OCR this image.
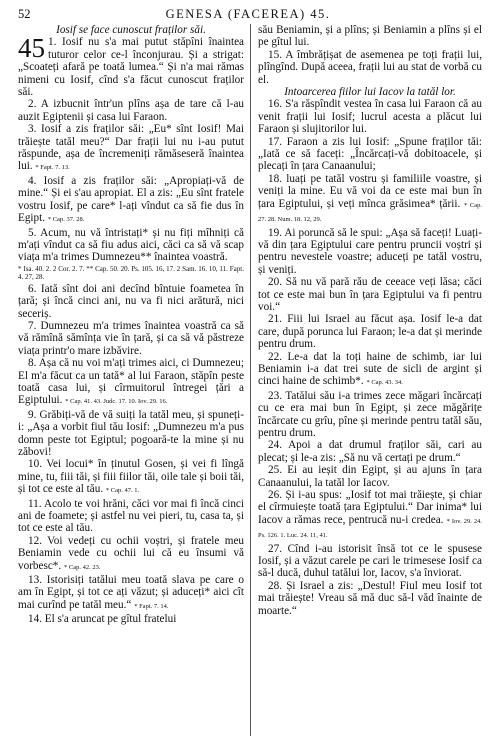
52	GENESA (FACEREA) 45.

Iosif se face cunoscut fraților săi.

45 1. Iosif nu s'a mai putut stăpîni înaintea tuturor celor ce-l înconjurau. Și a strigat: „Scoateți afară pe toată lumea.“ Și n'a mai rămas nimeni cu Iosif, cînd s'a făcut cunoscut fraților săi.

2. A izbucnit într'un plîns așa de tare că l-au auzit Egiptenii și casa lui Faraon.

3. Iosif a zis fraților săi: „Eu* sînt Iosif! Mai trăiește tatăl meu?“ Dar frații lui nu i-au putut răspunde, așa de încremeniți rămăseseră înaintea lui. * Fapt. 7. 13.

4. Iosif a zis fraților săi: „Apropiați-vă de mine.“ Și ei s'au apropiat. El a zis: „Eu sînt fratele vostru Iosif, pe care* l-ați vîndut ca să fie dus în Egipt. * Cap. 37. 28.

5. Acum, nu vă întristați* și nu fiți mîhniți că m'ați vîndut ca să fiu adus aici, căci ca să vă scap viața m'a trimes Dumnezeu** înaintea voastră.

* Isa. 40. 2. 2 Cor. 2. 7. ** Cap. 50. 20. Ps. 105. 16, 17. 2 Sam. 16. 10, 11. Fapt. 4. 27, 28.

6. Iată sînt doi ani decînd bîntuie foametea în țară; și încă cinci ani, nu va fi nici arătură, nici seceriș.

7. Dumnezeu m'a trimes înaintea voastră ca să vă rămînă sămînța vie în țară, și ca să vă păstreze viața printr'o mare izbăvire.

8. Așa că nu voi m'ați trimes aici, ci Dumnezeu; El m'a făcut ca un tată* al lui Faraon, stăpîn peste toată casa lui, și cîrmuitorul întregei țări a Egiptului. * Cap. 41. 43. Judc. 17. 10. Iov. 29. 16.

9. Grăbiți-vă de vă suiți la tatăl meu, și spuneți-i: „Așa a vorbit fiul tău Iosif: „Dumnezeu m'a pus domn peste tot Egiptul; pogoară-te la mine și nu zăbovi!

10. Vei locui* în ținutul Gosen, și vei fi lîngă mine, tu, fiii tăi, și fiii fiilor tăi, oile tale și boii tăi, și tot ce este al tău. * Cap. 47. 1.

11. Acolo te voi hrăni, căci vor mai fi încă cinci ani de foamete; și astfel nu vei pieri, tu, casa ta, și tot ce este al tău.

12. Voi vedeți cu ochii voștri, și fratele meu Beniamin vede cu ochii lui că eu însumi vă vorbesc*. * Cap. 42. 23.

13. Istorisiți tatălui meu toată slava pe care o am în Egipt, și tot ce ați văzut; și aduceți* aici cît mai curînd pe tatăl meu.“ * Fapt. 7. 14.

14. El s'a aruncat pe gîtul fratelui

său Beniamin, și a plîns; și Beniamin a plîns și el pe gîtul lui.

15. A îmbrățișat de asemenea pe toți frații lui, plîngînd. După aceea, frații lui au stat de vorbă cu el.

Intoarcerea fiilor lui Iacov la tatăl lor.

16. S'a răspîndit vestea în casa lui Faraon că au venit frații lui Iosif; lucrul acesta a plăcut lui Faraon și slujitorilor lui.

17. Faraon a zis lui Iosif: „Spune fraților tăi: „Iată ce să faceți: „Încărcați-vă dobitoacele, și plecați în țara Canaanului;

18. luați pe tatăl vostru și familiile voastre, și veniți la mine. Eu vă voi da ce este mai bun în țara Egiptului, și veți mînca grăsimea* țării. * Cap. 27. 28. Num. 18. 12, 29.

19. Ai poruncă să le spui: „Așa să faceți! Luați-vă din țara Egiptului care pentru pruncii voștri și pentru nevestele voastre; aduceți pe tatăl vostru, și veniți.

20. Să nu vă pară rău de ceeace veți lăsa; căci tot ce este mai bun în țara Egiptului va fi pentru voi.“

21. Fiii lui Israel au făcut așa. Iosif le-a dat care, după porunca lui Faraon; le-a dat și merinde pentru drum.

22. Le-a dat la toți haine de schimb, iar lui Beniamin i-a dat trei sute de sicli de argint și cinci haine de schimb*. * Cap. 43. 34.

23. Tatălui său i-a trimes zece măgari încărcați cu ce era mai bun în Egipt, și zece măgărițe încărcate cu grîu, pîne și merinde pentru tatăl său, pentru drum.

24. Apoi a dat drumul fraților săi, cari au plecat; și le-a zis: „Să nu vă certați pe drum.“

25. Ei au ieșit din Egipt, și au ajuns în țara Canaanului, la tatăl lor Iacov.

26. Și i-au spus: „Iosif tot mai trăiește, și chiar el cîrmuiește toată țara Egiptului.“ Dar inima* lui Iacov a rămas rece, pentrucă nu-i credea. * Iov. 29. 24. Ps. 126. 1. Luc. 24. 11, 41.

27. Cînd i-au istorisit însă tot ce le spusese Iosif, și a văzut carele pe cari le trimesese Iosif ca să-l ducă, duhul tatălui lor, Iacov, s'a înviorat.

28. Și Israel a zis: „Destul! Fiul meu Iosif tot mai trăiește! Vreau să mă duc să-l văd înainte de moarte.“
